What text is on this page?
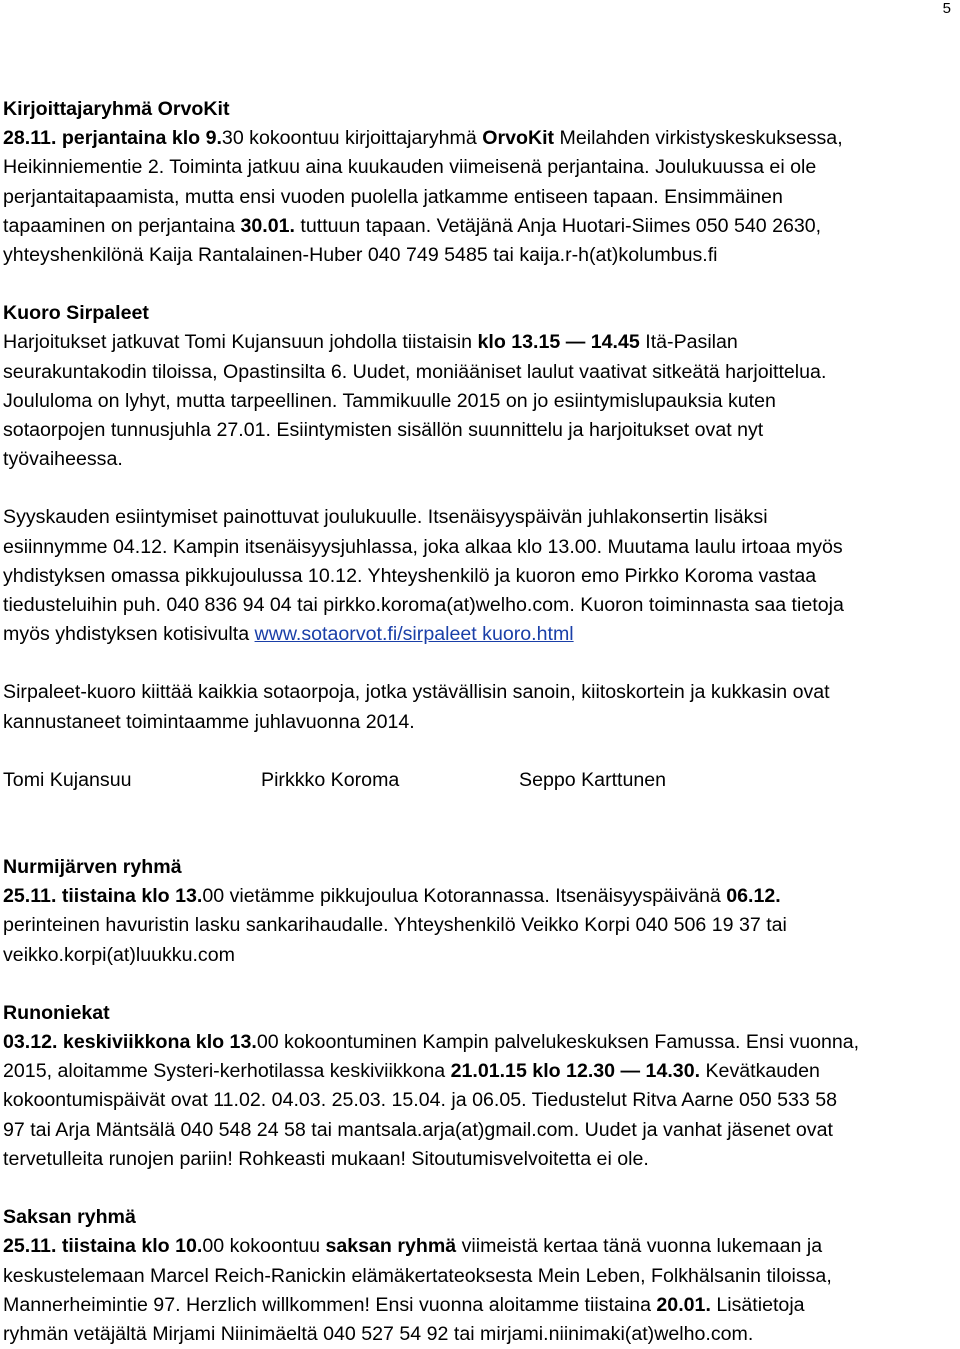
5

Kirjoittajaryhmä OrvoKit

28.11. perjantaina klo 9.30 kokoontuu kirjoittajaryhmä OrvoKit Meilahden virkistyskeskuksessa,

Heikinniementie 2. Toiminta jatkuu aina kuukauden viimeisenä perjantaina. Joulukuussa ei ole

perjantaitapaamista, mutta ensi vuoden puolella jatkamme entiseen tapaan. Ensimmäinen

tapaaminen on perjantaina 30.01. tuttuun tapaan. Vetäjänä Anja Huotari-Siimes 050 540 2630,

yhteyshenkilönä Kaija Rantalainen-Huber 040 749 5485 tai kaija.r-h(at)kolumbus.fi

Kuoro Sirpaleet

Harjoitukset jatkuvat Tomi Kujansuun johdolla tiistaisin klo 13.15 — 14.45 Itä-Pasilan

seurakuntakodin tiloissa, Opastinsilta 6. Uudet, moniääniset laulut vaativat sitkeätä harjoittelua.

Joululoma on lyhyt, mutta tarpeellinen. Tammikuulle 2015 on jo esiintymislupauksia kuten

sotaorpojen tunnusjuhla 27.01. Esiintymisten sisällön suunnittelu ja harjoitukset ovat nyt

työvaiheessa.

Syyskauden esiintymiset painottuvat joulukuulle. Itsenäisyyspäivän juhlakonsertin lisäksi

esiinnymme 04.12. Kampin itsenäisyysjuhlassa, joka alkaa klo 13.00. Muutama laulu irtoaa myös

yhdistyksen omassa pikkujoulussa 10.12. Yhteyshenkilö ja kuoron emo Pirkko Koroma vastaa

tiedusteluihin puh. 040 836 94 04 tai pirkko.koroma(at)welho.com. Kuoron toiminnasta saa tietoja

myös yhdistyksen kotisivulta www.sotaorvot.fi/sirpaleet kuoro.html

Sirpaleet-kuoro kiittää kaikkia sotaorpoja, jotka ystävällisin sanoin, kiitoskortein ja kukkasin ovat

kannustaneet toimintaamme juhlavuonna 2014.

Tomi Kujansuu	Pirkkko Koroma	Seppo Karttunen

Nurmijärven ryhmä

25.11. tiistaina klo 13.00 vietämme pikkujoulua Kotorannassa. Itsenäisyyspäivänä 06.12.

perinteinen havuristin lasku sankarihaudalle. Yhteyshenkilö Veikko Korpi 040 506 19 37 tai

veikko.korpi(at)luukku.com

Runoniekat

03.12. keskiviikkona klo 13.00 kokoontuminen Kampin palvelukeskuksen Famussa. Ensi vuonna,

2015, aloitamme Systeri-kerhotilassa keskiviikkona 21.01.15 klo 12.30 — 14.30. Kevätkauden

kokoontumispäivät ovat 11.02. 04.03. 25.03. 15.04. ja 06.05. Tiedustelut Ritva Aarne 050 533 58

97 tai Arja Mäntsälä 040 548 24 58 tai mantsala.arja(at)gmail.com. Uudet ja vanhat jäsenet ovat

tervetulleita runojen pariin! Rohkeasti mukaan! Sitoutumisvelvoitetta ei ole.

Saksan ryhmä

25.11. tiistaina klo 10.00 kokoontuu saksan ryhmä viimeistä kertaa tänä vuonna lukemaan ja

keskustelemaan Marcel Reich-Ranickin elämäkertateoksesta Mein Leben, Folkhälsanin tiloissa,

Mannerheimintie 97. Herzlich willkommen! Ensi vuonna aloitamme tiistaina 20.01. Lisätietoja

ryhmän vetäjältä Mirjami Niinimäeltä 040 527 54 92 tai mirjami.niinimaki(at)welho.com.
